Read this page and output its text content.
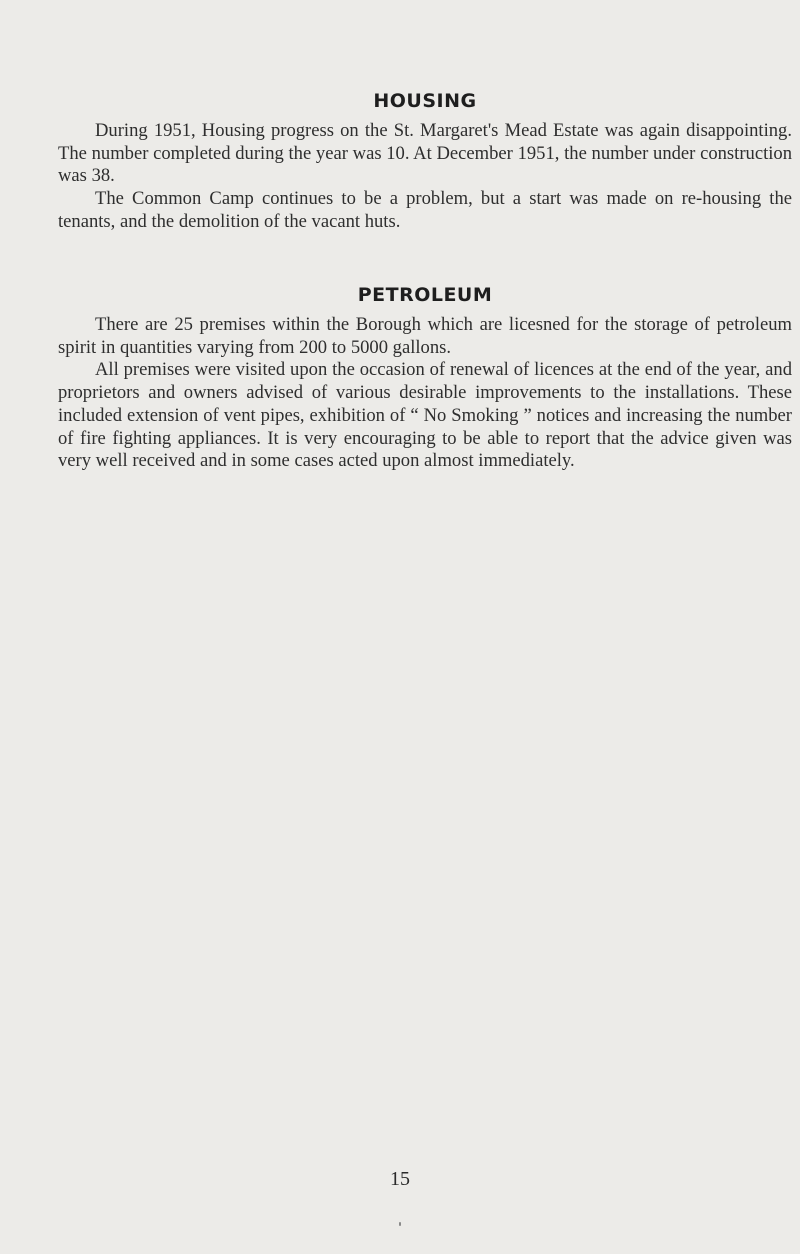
HOUSING

During 1951, Housing progress on the St. Margaret's Mead Estate was again disappointing. The number completed during the year was 10. At December 1951, the number under construction was 38.

The Common Camp continues to be a problem, but a start was made on re-housing the tenants, and the demolition of the vacant huts.

PETROLEUM

There are 25 premises within the Borough which are licesned for the storage of petroleum spirit in quantities varying from 200 to 5000 gallons.

All premises were visited upon the occasion of renewal of licences at the end of the year, and proprietors and owners advised of various desirable improvements to the installations. These included extension of vent pipes, exhibition of “ No Smoking ” notices and increasing the number of fire fighting appliances. It is very encouraging to be able to report that the advice given was very well received and in some cases acted upon almost immediately.

15
